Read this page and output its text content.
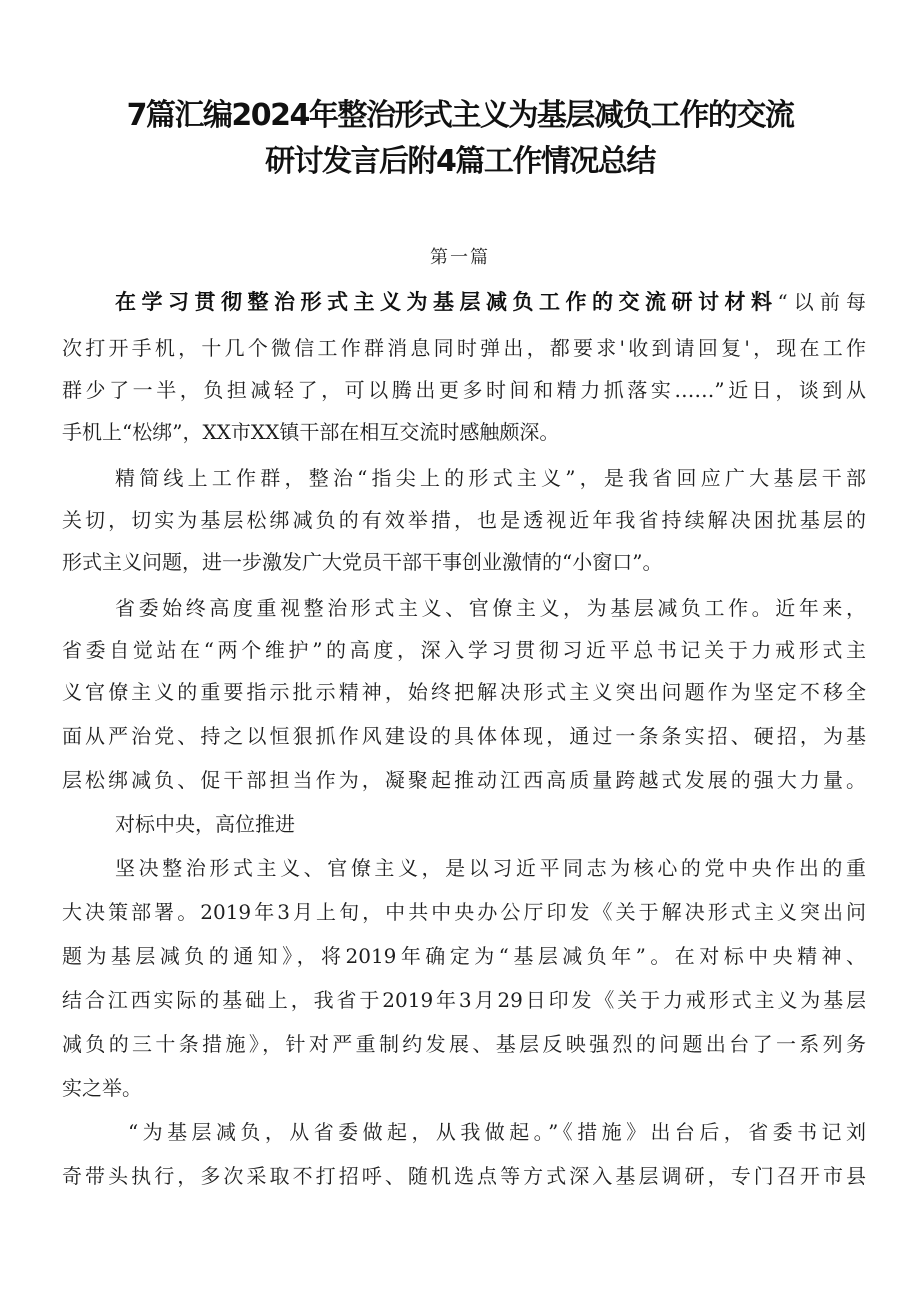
7篇汇编2024年整治形式主义为基层减负工作的交流
研讨发言后附4篇工作情况总结
第一篇
在学习贯彻整治形式主义为基层减负工作的交流研讨材料“以前每
次打开手机，十几个微信工作群消息同时弹出，都要求'收到请回复'，现在工作
群少了一半，负担减轻了，可以腾出更多时间和精力抓落实……”近日，谈到从
手机上“松绑”，XX市XX镇干部在相互交流时感触颇深。
精简线上工作群，整治“指尖上的形式主义”，是我省回应广大基层干部
关切，切实为基层松绑减负的有效举措，也是透视近年我省持续解决困扰基层的
形式主义问题，进一步激发广大党员干部干事创业激情的“小窗口”。
省委始终高度重视整治形式主义、官僚主义，为基层减负工作。近年来，
省委自觉站在“两个维护”的高度，深入学习贯彻习近平总书记关于力戒形式主
义官僚主义的重要指示批示精神，始终把解决形式主义突出问题作为坚定不移全
面从严治党、持之以恒狠抓作风建设的具体体现，通过一条条实招、硬招，为基
层松绑减负、促干部担当作为，凝聚起推动江西高质量跨越式发展的强大力量。
对标中央，高位推进
坚决整治形式主义、官僚主义，是以习近平同志为核心的党中央作出的重
大决策部署。2019年3月上旬，中共中央办公厅印发《关于解决形式主义突出问
题为基层减负的通知》，将2019年确定为“基层减负年”。在对标中央精神、
结合江西实际的基础上，我省于2019年3月29日印发《关于力戒形式主义为基层
减负的三十条措施》，针对严重制约发展、基层反映强烈的问题出台了一系列务
实之举。
“为基层减负，从省委做起，从我做起。”《措施》出台后，省委书记刘
奇带头执行，多次采取不打招呼、随机选点等方式深入基层调研，专门召开市县
